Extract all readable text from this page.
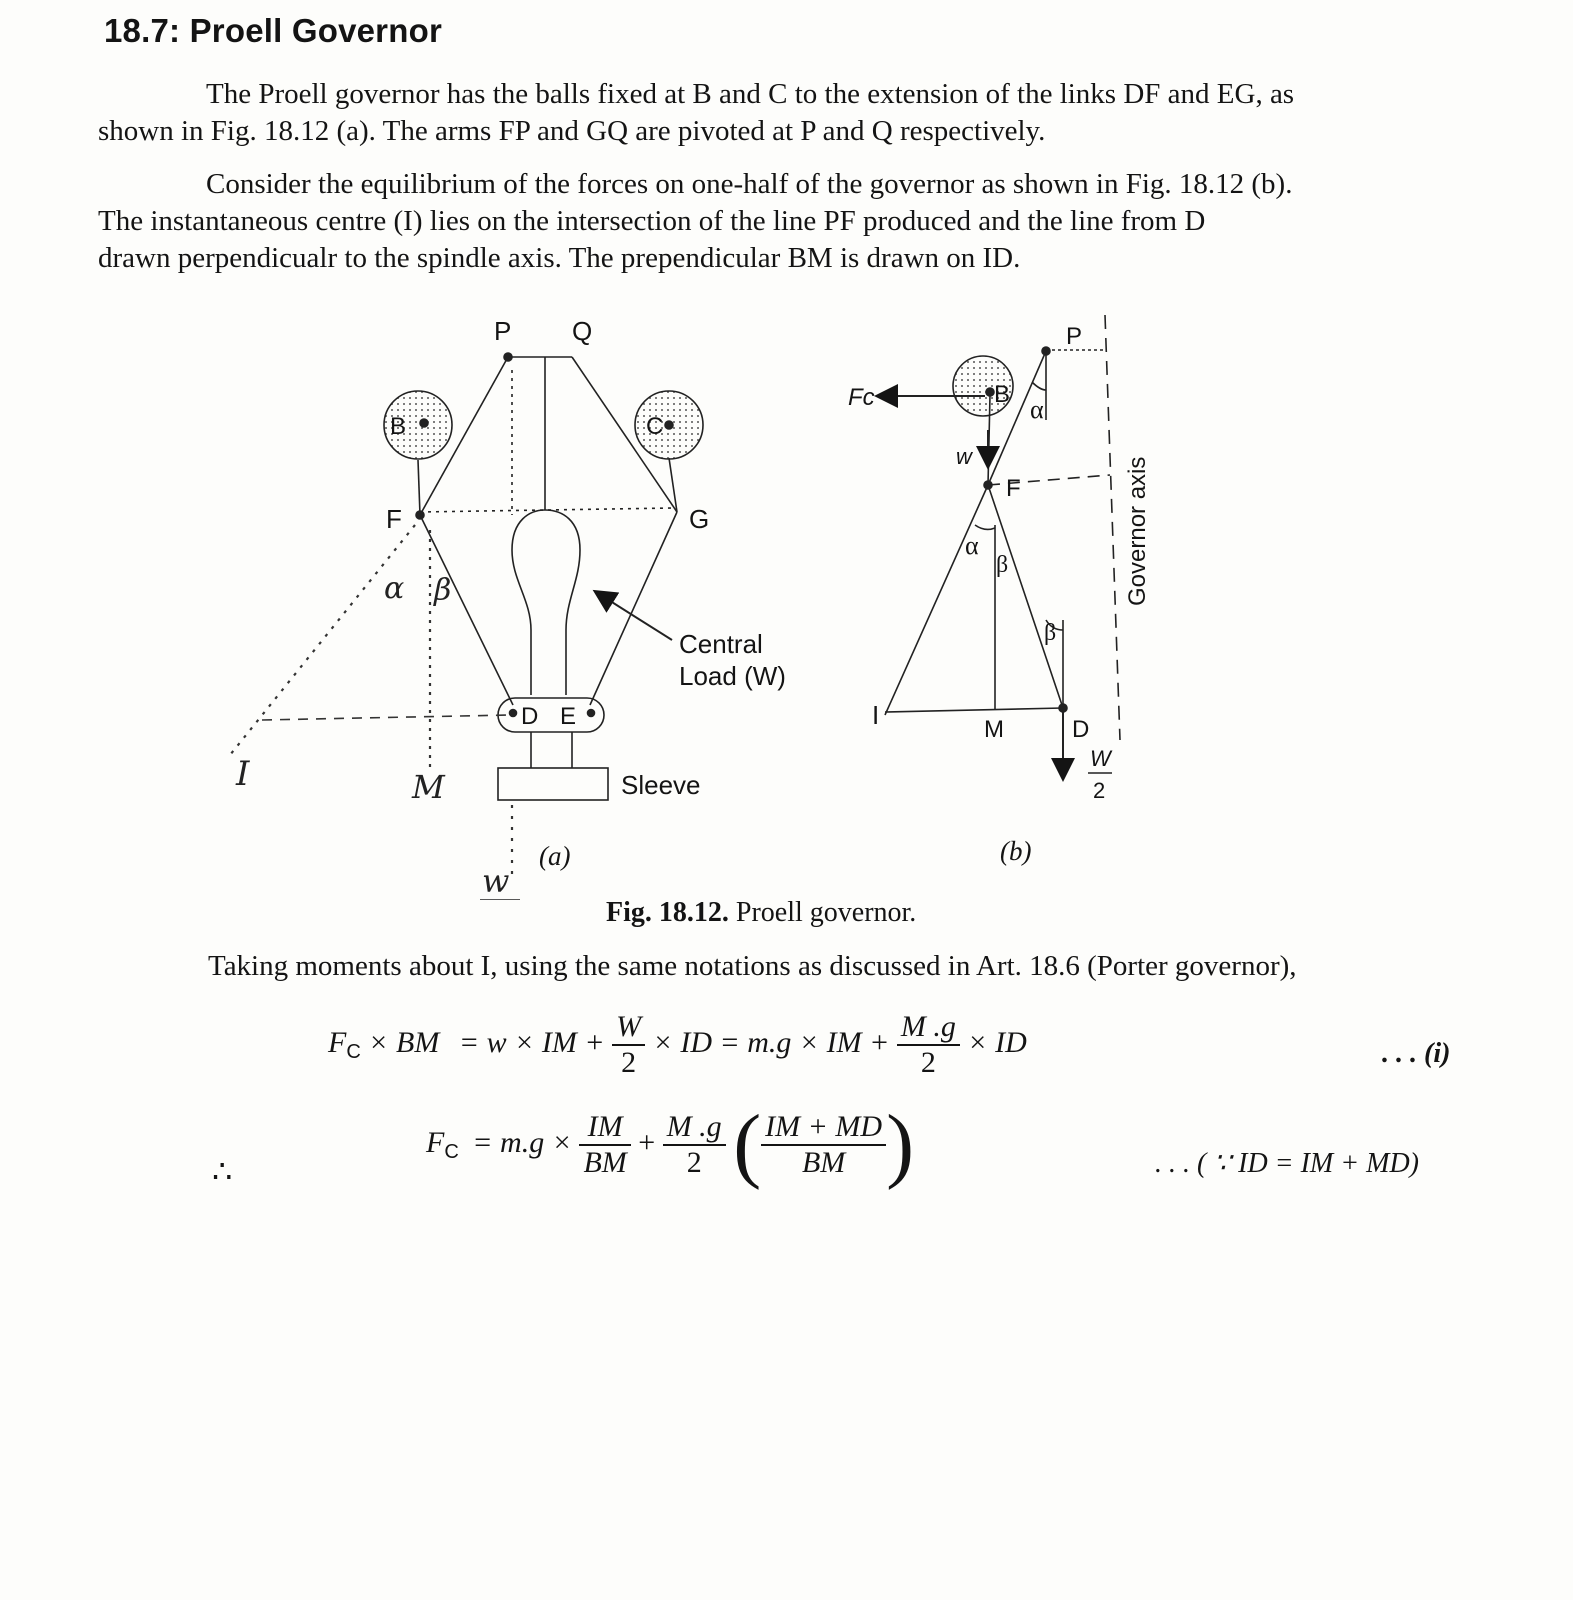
18.7: Proell Governor
The Proell governor has the balls fixed at B and C to the extension of the links DF and EG, as
shown in Fig. 18.12 (a). The arms FP and GQ are pivoted at P and Q respectively.
Consider the equilibrium of the forces on one-half of the governor as shown in Fig. 18.12 (b).
The instantaneous centre (I) lies on the intersection of the line PF produced and the line from D
drawn perpendicualr to the spindle axis. The prependicular BM is drawn on ID.
P Q
B	C
F	G
D E
Central
Load (W)
Sleeve
(a)
I	M
α β
w
Fc	B
P
α
w
F
α
β
β
I	M	D
W
2
Governor axis
(b)
Fig. 18.12. Proell governor.
Taking moments about I, using the same notations as discussed in Art. 18.6 (Porter governor),
$F_C$ × BM = w × IM + $\frac{W}{2}$ × ID = m.g × IM + $\frac{M .g}{2}$ × ID	. . . (i)
∴
$F_C = m.g \times \frac{IM}{BM} + \frac{M .g}{2}$ ( $\frac{IM + MD}{BM}$ )	. . . ( ∵ ID = IM + MD)
